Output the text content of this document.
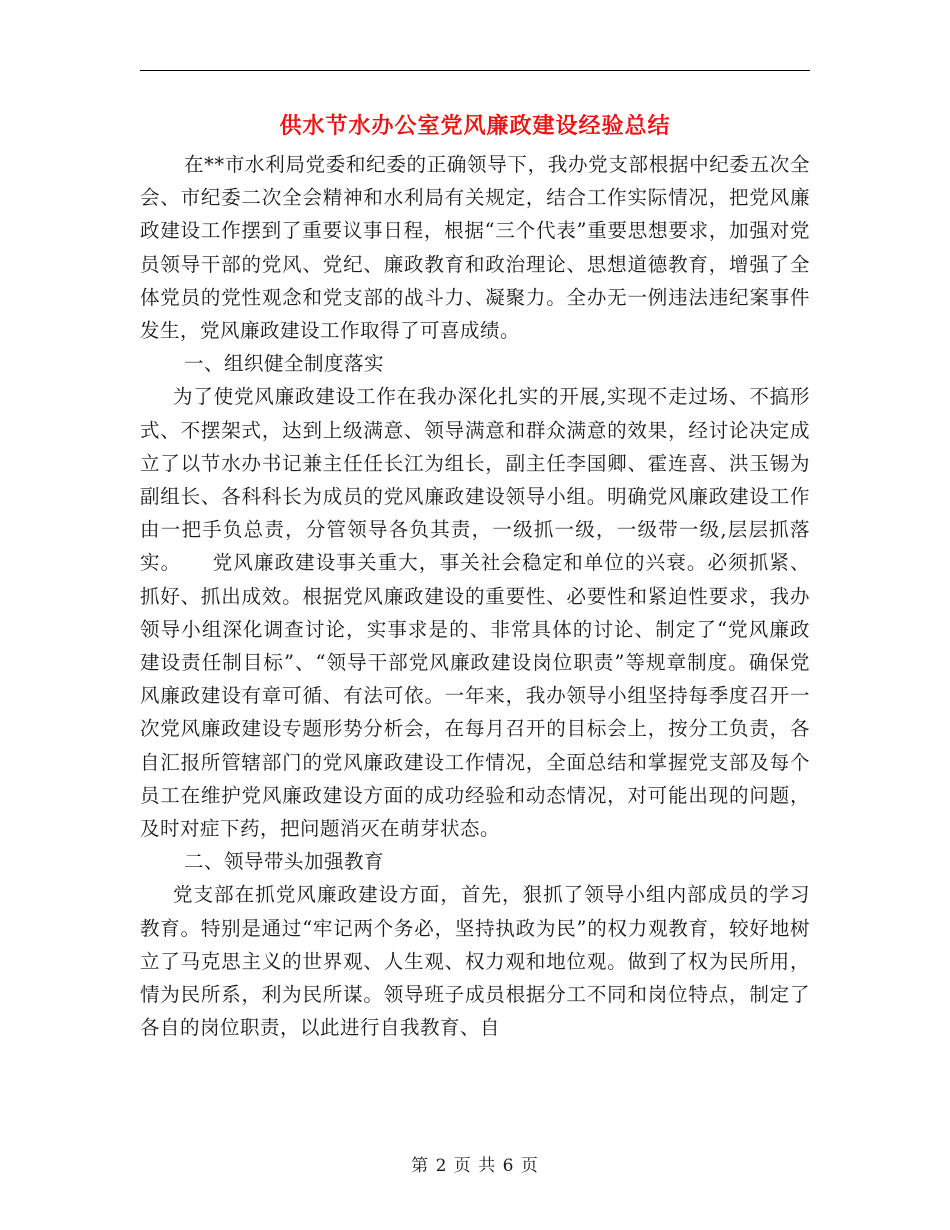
供水节水办公室党风廉政建设经验总结

在**市水利局党委和纪委的正确领导下，我办党支部根据中纪委五次全会、市纪委二次全会精神和水利局有关规定，结合工作实际情况，把党风廉政建设工作摆到了重要议事日程，根据“三个代表”重要思想要求，加强对党员领导干部的党风、党纪、廉政教育和政治理论、思想道德教育，增强了全体党员的党性观念和党支部的战斗力、凝聚力。全办无一例违法违纪案事件发生，党风廉政建设工作取得了可喜成绩。

一、组织健全制度落实

为了使党风廉政建设工作在我办深化扎实的开展,实现不走过场、不搞形式、不摆架式，达到上级满意、领导满意和群众满意的效果，经讨论决定成立了以节水办书记兼主任任长江为组长，副主任李国卿、霍连喜、洪玉锡为副组长、各科科长为成员的党风廉政建设领导小组。明确党风廉政建设工作由一把手负总责，分管领导各负其责，一级抓一级，一级带一级,层层抓落实。　　党风廉政建设事关重大，事关社会稳定和单位的兴衰。必须抓紧、抓好、抓出成效。根据党风廉政建设的重要性、必要性和紧迫性要求，我办领导小组深化调查讨论，实事求是的、非常具体的讨论、制定了“党风廉政建设责任制目标”、“领导干部党风廉政建设岗位职责”等规章制度。确保党风廉政建设有章可循、有法可依。一年来，我办领导小组坚持每季度召开一次党风廉政建设专题形势分析会，在每月召开的目标会上，按分工负责，各自汇报所管辖部门的党风廉政建设工作情况，全面总结和掌握党支部及每个员工在维护党风廉政建设方面的成功经验和动态情况，对可能出现的问题，及时对症下药，把问题消灭在萌芽状态。

二、领导带头加强教育

党支部在抓党风廉政建设方面，首先，狠抓了领导小组内部成员的学习教育。特别是通过“牢记两个务必，坚持执政为民”的权力观教育，较好地树立了马克思主义的世界观、人生观、权力观和地位观。做到了权为民所用，情为民所系，利为民所谋。领导班子成员根据分工不同和岗位特点，制定了各自的岗位职责，以此进行自我教育、自

第 2 页 共 6 页
